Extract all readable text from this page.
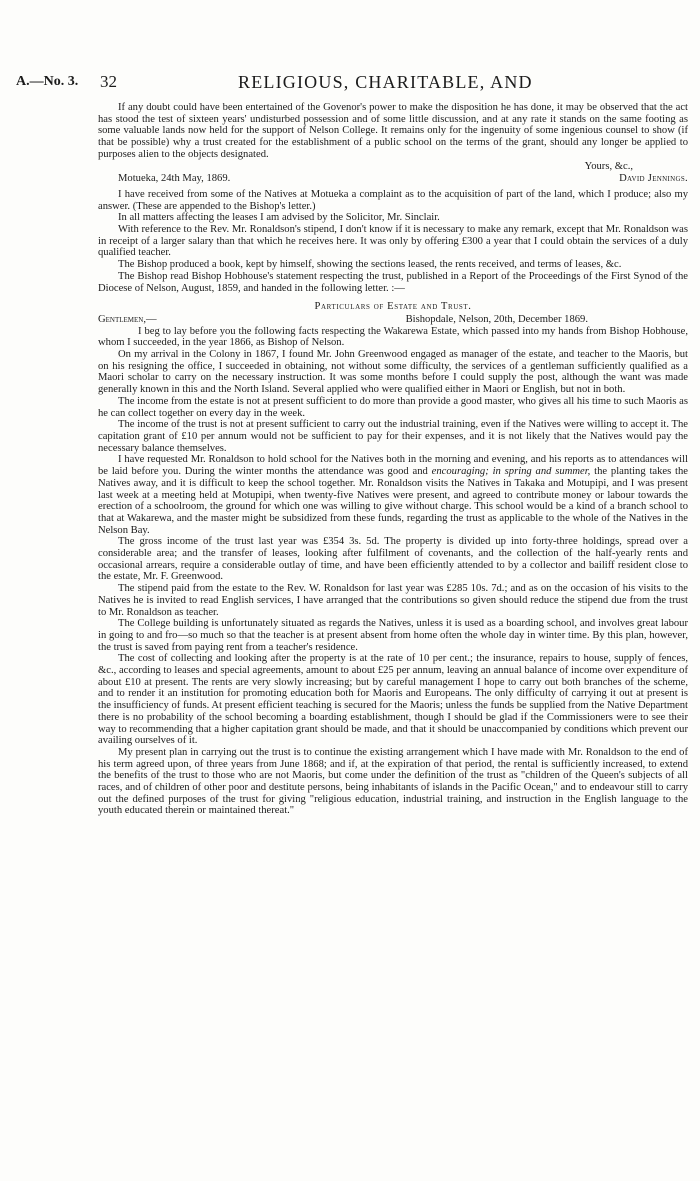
A.—No. 3. 32	RELIGIOUS, CHARITABLE, AND

If any doubt could have been entertained of the Govenor's power to make the disposition he has done, it may be observed that the act has stood the test of sixteen years' undisturbed possession and of some little discussion, and at any rate it stands on the same footing as some valuable lands now held for the support of Nelson College. It remains only for the ingenuity of some ingenious counsel to show (if that be possible) why a trust created for the establishment of a public school on the terms of the grant, should any longer be applied to purposes alien to the objects designated.

Yours, &c.,
Motueka, 24th May, 1869.	David Jennings.

I have received from some of the Natives at Motueka a complaint as to the acquisition of part of the land, which I produce; also my answer. (These are appended to the Bishop's letter.)

In all matters affecting the leases I am advised by the Solicitor, Mr. Sinclair.

With reference to the Rev. Mr. Ronaldson's stipend, I don't know if it is necessary to make any remark, except that Mr. Ronaldson was in receipt of a larger salary than that which he receives here. It was only by offering £300 a year that I could obtain the services of a duly qualified teacher.

The Bishop produced a book, kept by himself, showing the sections leased, the rents received, and terms of leases, &c.

The Bishop read Bishop Hobhouse's statement respecting the trust, published in a Report of the Proceedings of the First Synod of the Diocese of Nelson, August, 1859, and handed in the following letter. :—

Particulars of Estate and Trust.
Gentlemen,—	Bishopdale, Nelson, 20th, December 1869.

I beg to lay before you the following facts respecting the Wakarewa Estate, which passed into my hands from Bishop Hobhouse, whom I succeeded, in the year 1866, as Bishop of Nelson.

On my arrival in the Colony in 1867, I found Mr. John Greenwood engaged as manager of the estate, and teacher to the Maoris, but on his resigning the office, I succeeded in obtaining, not without some difficulty, the services of a gentleman sufficiently qualified as a Maori scholar to carry on the necessary instruction. It was some months before I could supply the post, although the want was made generally known in this and the North Island. Several applied who were qualified either in Maori or English, but not in both.

The income from the estate is not at present sufficient to do more than provide a good master, who gives all his time to such Maoris as he can collect together on every day in the week.

The income of the trust is not at present sufficient to carry out the industrial training, even if the Natives were willing to accept it. The capitation grant of £10 per annum would not be sufficient to pay for their expenses, and it is not likely that the Natives would pay the necessary balance themselves.

I have requested Mr. Ronaldson to hold school for the Natives both in the morning and evening, and his reports as to attendances will be laid before you. During the winter months the attendance was good and encouraging; in spring and summer, the planting takes the Natives away, and it is difficult to keep the school together. Mr. Ronaldson visits the Natives in Takaka and Motupipi, and I was present last week at a meeting held at Motupipi, when twenty-five Natives were present, and agreed to contribute money or labour towards the erection of a schoolroom, the ground for which one was willing to give without charge. This school would be a kind of a branch school to that at Wakarewa, and the master might be subsidized from these funds, regarding the trust as applicable to the whole of the Natives in the Nelson Bay.

The gross income of the trust last year was £354 3s. 5d. The property is divided up into forty-three holdings, spread over a considerable area; and the transfer of leases, looking after fulfilment of covenants, and the collection of the half-yearly rents and occasional arrears, require a considerable outlay of time, and have been efficiently attended to by a collector and bailiff resident close to the estate, Mr. F. Greenwood.

The stipend paid from the estate to the Rev. W. Ronaldson for last year was £285 10s. 7d.; and as on the occasion of his visits to the Natives he is invited to read English services, I have arranged that the contributions so given should reduce the stipend due from the trust to Mr. Ronaldson as teacher.

The College building is unfortunately situated as regards the Natives, unless it is used as a boarding school, and involves great labour in going to and fro—so much so that the teacher is at present absent from home often the whole day in winter time. By this plan, however, the trust is saved from paying rent from a teacher's residence.

The cost of collecting and looking after the property is at the rate of 10 per cent.; the insurance, repairs to house, supply of fences, &c., according to leases and special agreements, amount to about £25 per annum, leaving an annual balance of income over expenditure of about £10 at present. The rents are very slowly increasing; but by careful management I hope to carry out both branches of the scheme, and to render it an institution for promoting education both for Maoris and Europeans. The only difficulty of carrying it out at present is the insufficiency of funds. At present efficient teaching is secured for the Maoris; unless the funds be supplied from the Native Department there is no probability of the school becoming a boarding establishment, though I should be glad if the Commissioners were to see their way to recommending that a higher capitation grant should be made, and that it should be unaccompanied by conditions which prevent our availing ourselves of it.

My present plan in carrying out the trust is to continue the existing arrangement which I have made with Mr. Ronaldson to the end of his term agreed upon, of three years from June 1868; and if, at the expiration of that period, the rental is sufficiently increased, to extend the benefits of the trust to those who are not Maoris, but come under the definition of the trust as "children of the Queen's subjects of all races, and of children of other poor and destitute persons, being inhabitants of islands in the Pacific Ocean," and to endeavour still to carry out the defined purposes of the trust for giving "religious education, industrial training, and instruction in the English language to the youth educated therein or maintained thereat."
